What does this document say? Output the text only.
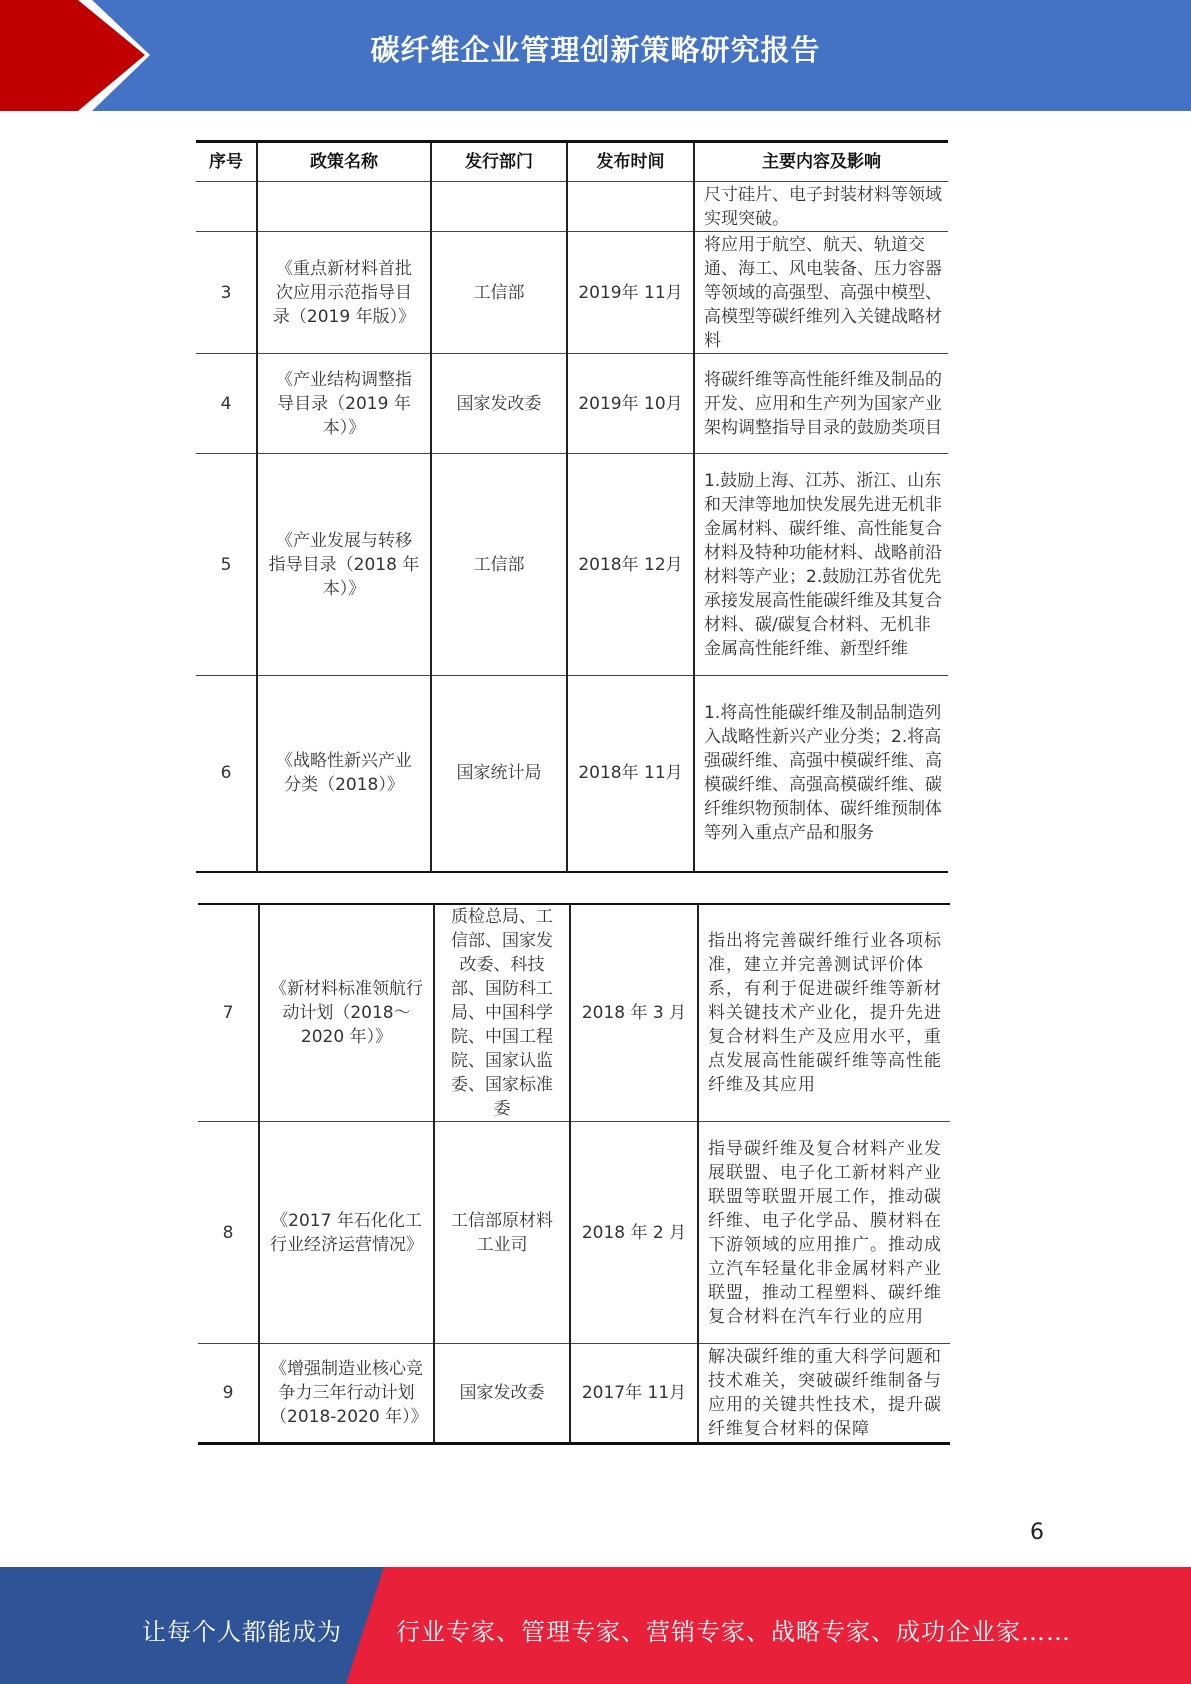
碳纤维企业管理创新策略研究报告
序号	政策名称	发行部门	发布时间	主要内容及影响
				尺寸硅片、电子封装材料等领域实现突破。
3	《重点新材料首批次应用示范指导目录（2019 年版）》	工信部	2019年 11月	将应用于航空、航天、轨道交通、海工、风电装备、压力容器等领域的高强型、高强中模型、高模型等碳纤维列入关键战略材料
4	《产业结构调整指导目录（2019 年本）》	国家发改委	2019年 10月	将碳纤维等高性能纤维及制品的开发、应用和生产列为国家产业架构调整指导目录的鼓励类项目
5	《产业发展与转移指导目录（2018 年本）》	工信部	2018年 12月	1.鼓励上海、江苏、浙江、山东和天津等地加快发展先进无机非金属材料、碳纤维、高性能复合材料及特种功能材料、战略前沿材料等产业；2.鼓励江苏省优先承接发展高性能碳纤维及其复合材料、碳/碳复合材料、无机非金属高性能纤维、新型纤维
6	《战略性新兴产业分类（2018）》	国家统计局	2018年 11月	1.将高性能碳纤维及制品制造列入战略性新兴产业分类；2.将高强碳纤维、高强中模碳纤维、高模碳纤维、高强高模碳纤维、碳纤维织物预制体、碳纤维预制体等列入重点产品和服务
7	《新材料标准领航行动计划（2018～2020 年）》	质检总局、工信部、国家发改委、科技部、国防科工局、中国科学院、中国工程院、国家认监委、国家标准委	2018 年 3 月	指出将完善碳纤维行业各项标准，建立并完善测试评价体系，有利于促进碳纤维等新材料关键技术产业化，提升先进复合材料生产及应用水平，重点发展高性能碳纤维等高性能纤维及其应用
8	《2017 年石化化工行业经济运营情况》	工信部原材料工业司	2018 年 2 月	指导碳纤维及复合材料产业发展联盟、电子化工新材料产业联盟等联盟开展工作，推动碳纤维、电子化学品、膜材料在下游领域的应用推广。推动成立汽车轻量化非金属材料产业联盟，推动工程塑料、碳纤维复合材料在汽车行业的应用
9	《增强制造业核心竞争力三年行动计划（2018-2020 年）》	国家发改委	2017年 11月	解决碳纤维的重大科学问题和技术难关，突破碳纤维制备与应用的关键共性技术，提升碳纤维复合材料的保障
6
让每个人都能成为 行业专家、管理专家、营销专家、战略专家、成功企业家……
